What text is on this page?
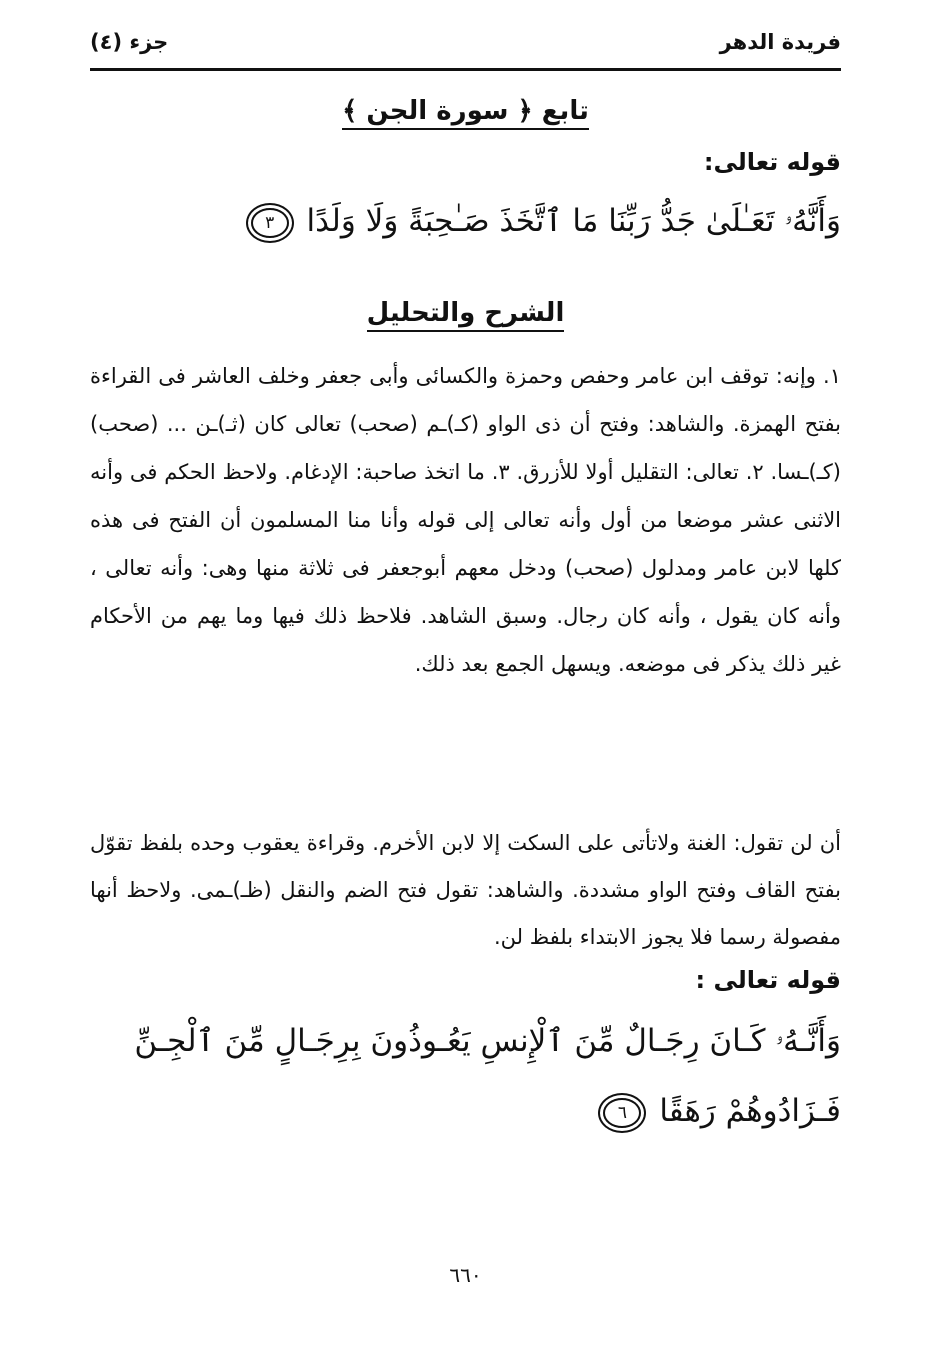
فريدة الدهر
جزء (٤)
تابع ﴿ سورة الجن ﴾
قوله تعالى:
وَأَنَّهُۥ تَعَـٰلَىٰ جَدُّ رَبِّنَا مَا ٱتَّخَذَ صَـٰحِبَةً وَلَا وَلَدًا ٣
الشرح والتحليل
١. وإنه: توقف ابن عامر وحفص وحمزة والكسائى وأبى جعفر وخلف العاشر فى القراءة بفتح الهمزة. والشاهد: وفتح أن ذى الواو (كـ)ـم (صحب) تعالى كان (ثـ)ـن ... (صحب) (كـ)ـسا. ٢. تعالى: التقليل أولا للأزرق. ٣. ما اتخذ صاحبة: الإدغام. ولاحظ الحكم فى وأنه الاثنى عشر موضعا من أول وأنه تعالى إلى قوله وأنا منا المسلمون أن الفتح فى هذه كلها لابن عامر ومدلول (صحب) ودخل معهم أبوجعفر فى ثلاثة منها وهى: وأنه تعالى ، وأنه كان يقول ، وأنه كان رجال. وسبق الشاهد. فلاحظ ذلك فيها وما يهم من الأحكام غير ذلك يذكر فى موضعه. ويسهل الجمع بعد ذلك.
أن لن تقول: الغنة ولاتأتى على السكت إلا لابن الأخرم. وقراءة يعقوب وحده بلفظ تقوّل بفتح القاف وفتح الواو مشددة. والشاهد: تقول فتح الضم والنقل (ظـ)ـمى. ولاحظ أنها مفصولة رسما فلا يجوز الابتداء بلفظ لن.
قوله تعالى :
وَأَنَّـهُۥ كَـانَ رِجَـالٌ مِّنَ ٱلْإِنسِ يَعُـوذُونَ بِرِجَـالٍ مِّنَ ٱلْجِـنِّ فَـزَادُوهُمْ رَهَقًا ٦
٦٦٠
